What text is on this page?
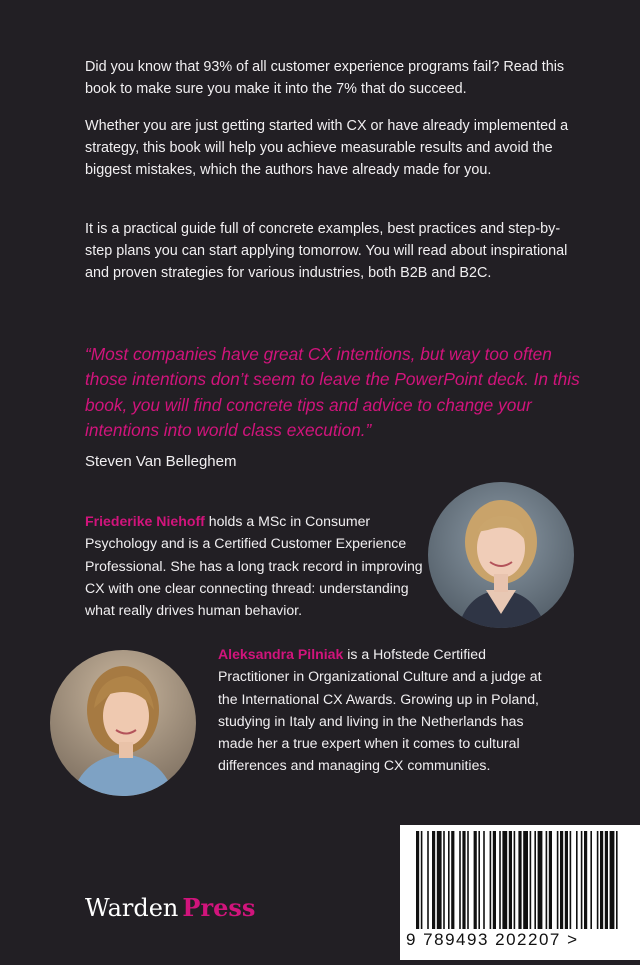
Did you know that 93% of all customer experience programs fail? Read this book to make sure you make it into the 7% that do succeed.

Whether you are just getting started with CX or have already implemented a strategy, this book will help you achieve measurable results and avoid the biggest mistakes, which the authors have already made for you.

It is a practical guide full of concrete examples, best practices and step-by-step plans you can start applying tomorrow. You will read about inspirational and proven strategies for various industries, both B2B and B2C.

“Most companies have great CX intentions, but way too often those intentions don’t seem to leave the PowerPoint deck. In this book, you will find concrete tips and advice to change your intentions into world class execution.”

Steven Van Belleghem

Friederike Niehoff holds a MSc in Consumer Psychology and is a Certified Customer Experience Professional. She has a long track record in improving CX with one clear connecting thread: understanding what really drives human behavior.

Aleksandra Pilniak is a Hofstede Certified Practitioner in Organizational Culture and a judge at the International CX Awards. Growing up in Poland, studying in Italy and living in the Netherlands has made her a true expert when it comes to cultural differences and managing CX communities.

Warden Press
9 789493 202207 >
